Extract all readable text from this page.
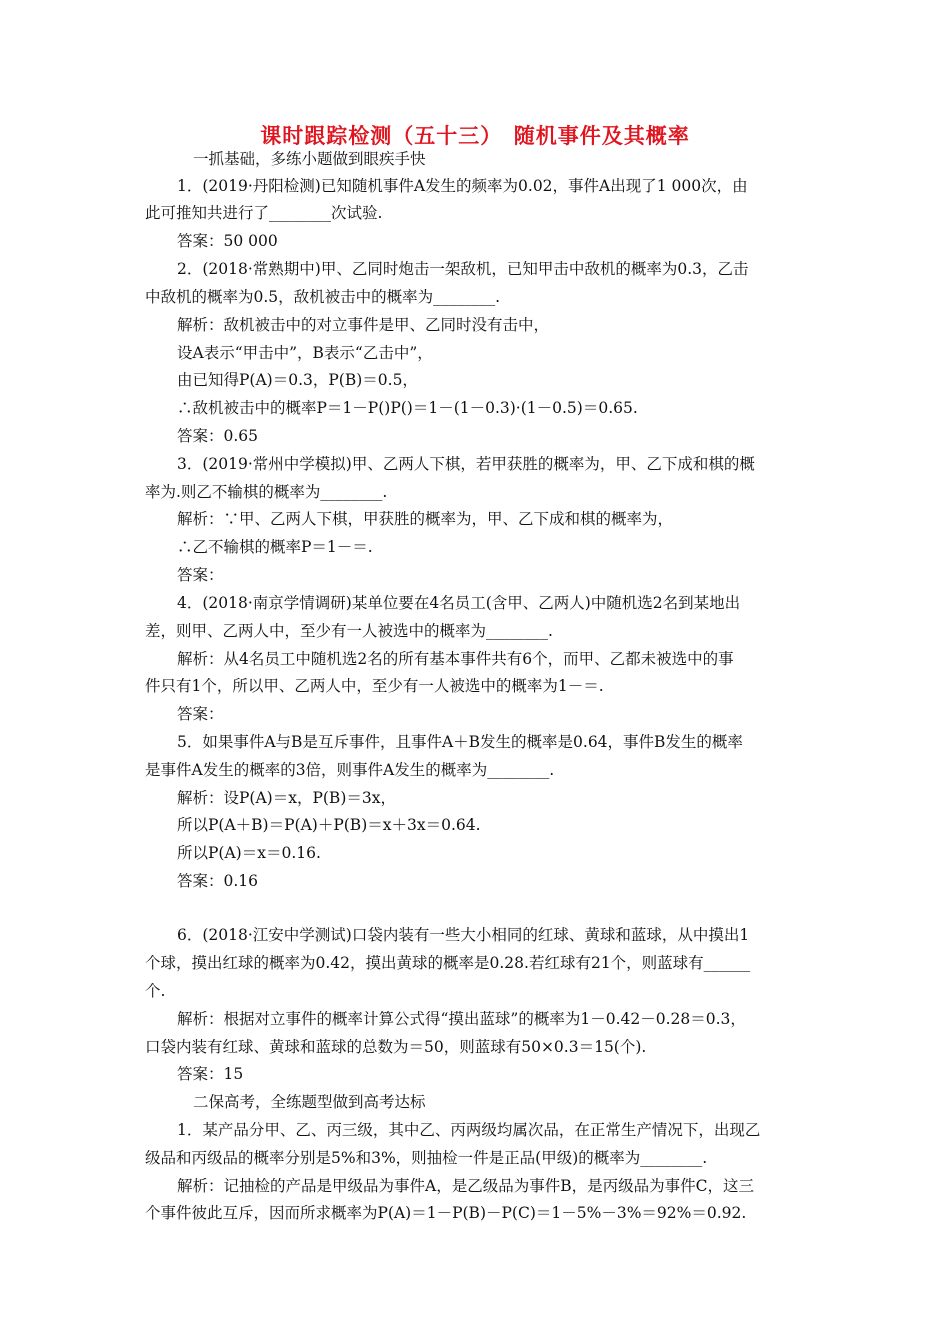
课时跟踪检测（五十三）　随机事件及其概率
一抓基础，多练小题做到眼疾手快
1．(2019·丹阳检测)已知随机事件A发生的频率为0.02，事件A出现了1 000次，由
此可推知共进行了________次试验.
答案：50 000
2．(2018·常熟期中)甲、乙同时炮击一架敌机，已知甲击中敌机的概率为0.3，乙击
中敌机的概率为0.5，敌机被击中的概率为________.
解析：敌机被击中的对立事件是甲、乙同时没有击中，
设A表示“甲击中”，B表示“乙击中”，
由已知得P(A)＝0.3，P(B)＝0.5，
∴敌机被击中的概率P＝1－P()P()＝1－(1－0.3)·(1－0.5)＝0.65.
答案：0.65
3．(2019·常州中学模拟)甲、乙两人下棋，若甲获胜的概率为，甲、乙下成和棋的概
率为.则乙不输棋的概率为________.
解析：∵甲、乙两人下棋，甲获胜的概率为，甲、乙下成和棋的概率为，
∴乙不输棋的概率P＝1－＝.
答案：
4．(2018·南京学情调研)某单位要在4名员工(含甲、乙两人)中随机选2名到某地出
差，则甲、乙两人中，至少有一人被选中的概率为________.
解析：从4名员工中随机选2名的所有基本事件共有6个，而甲、乙都未被选中的事
件只有1个，所以甲、乙两人中，至少有一人被选中的概率为1－＝.
答案：
5．如果事件A与B是互斥事件，且事件A＋B发生的概率是0.64，事件B发生的概率
是事件A发生的概率的3倍，则事件A发生的概率为________.
解析：设P(A)＝x，P(B)＝3x，
所以P(A＋B)＝P(A)＋P(B)＝x＋3x＝0.64.
所以P(A)＝x＝0.16.
答案：0.16
6．(2018·江安中学测试)口袋内装有一些大小相同的红球、黄球和蓝球，从中摸出1
个球，摸出红球的概率为0.42，摸出黄球的概率是0.28.若红球有21个，则蓝球有______
个.
解析：根据对立事件的概率计算公式得“摸出蓝球”的概率为1－0.42－0.28＝0.3，
口袋内装有红球、黄球和蓝球的总数为＝50，则蓝球有50×0.3＝15(个).
答案：15
二保高考，全练题型做到高考达标
1．某产品分甲、乙、丙三级，其中乙、丙两级均属次品，在正常生产情况下，出现乙
级品和丙级品的概率分别是5%和3%，则抽检一件是正品(甲级)的概率为________.
解析：记抽检的产品是甲级品为事件A，是乙级品为事件B，是丙级品为事件C，这三
个事件彼此互斥，因而所求概率为P(A)＝1－P(B)－P(C)＝1－5%－3%＝92%＝0.92.
